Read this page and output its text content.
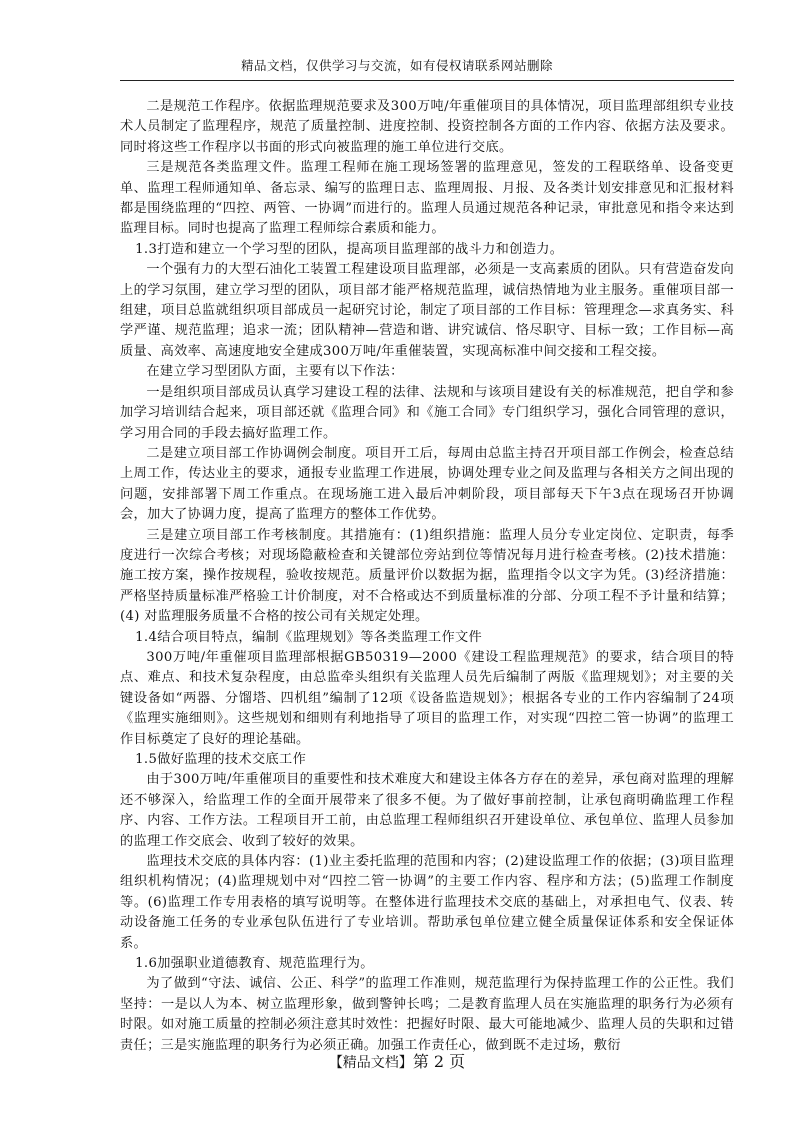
精品文档，仅供学习与交流，如有侵权请联系网站删除

二是规范工作程序。依据监理规范要求及300万吨/年重催项目的具体情况，项目监理部组织专业技术人员制定了监理程序，规范了质量控制、进度控制、投资控制各方面的工作内容、依据方法及要求。同时将这些工作程序以书面的形式向被监理的施工单位进行交底。

三是规范各类监理文件。监理工程师在施工现场签署的监理意见，签发的工程联络单、设备变更单、监理工程师通知单、备忘录、编写的监理日志、监理周报、月报、及各类计划安排意见和汇报材料都是围绕监理的“四控、两管、一协调”而进行的。监理人员通过规范各种记录，审批意见和指令来达到监理目标。同时也提高了监理工程师综合素质和能力。

1.3打造和建立一个学习型的团队，提高项目监理部的战斗力和创造力。

一个强有力的大型石油化工装置工程建设项目监理部，必须是一支高素质的团队。只有营造奋发向上的学习氛围，建立学习型的团队，项目部才能严格规范监理，诚信热情地为业主服务。重催项目部一组建，项目总监就组织项目部成员一起研究讨论，制定了项目部的工作目标：管理理念—求真务实、科学严谨、规范监理；追求一流；团队精神—营造和谐、讲究诚信、恪尽职守、目标一致；工作目标—高质量、高效率、高速度地安全建成300万吨/年重催装置，实现高标准中间交接和工程交接。

在建立学习型团队方面，主要有以下作法：

一是组织项目部成员认真学习建设工程的法律、法规和与该项目建设有关的标准规范，把自学和参加学习培训结合起来，项目部还就《监理合同》和《施工合同》专门组织学习，强化合同管理的意识，学习用合同的手段去搞好监理工作。

二是建立项目部工作协调例会制度。项目开工后，每周由总监主持召开项目部工作例会，检查总结上周工作，传达业主的要求，通报专业监理工作进展，协调处理专业之间及监理与各相关方之间出现的问题，安排部署下周工作重点。在现场施工进入最后冲刺阶段，项目部每天下午3点在现场召开协调会，加大了协调力度，提高了监理方的整体工作优势。

三是建立项目部工作考核制度。其措施有：(1)组织措施：监理人员分专业定岗位、定职责，每季度进行一次综合考核；对现场隐蔽检查和关键部位旁站到位等情况每月进行检查考核。(2)技术措施：施工按方案，操作按规程，验收按规范。质量评价以数据为据，监理指令以文字为凭。(3)经济措施：严格坚持质量标准严格验工计价制度，对不合格或达不到质量标准的分部、分项工程不予计量和结算；(4) 对监理服务质量不合格的按公司有关规定处理。

1.4结合项目特点，编制《监理规划》等各类监理工作文件

300万吨/年重催项目监理部根据GB50319—2000《建设工程监理规范》的要求，结合项目的特点、难点、和技术复杂程度，由总监牵头组织有关监理人员先后编制了两版《监理规划》；对主要的关键设备如“两器、分馏塔、四机组”编制了12项《设备监造规划》；根据各专业的工作内容编制了24项《监理实施细则》。这些规划和细则有利地指导了项目的监理工作，对实现“四控二管一协调”的监理工作目标奠定了良好的理论基础。

1.5做好监理的技术交底工作

由于300万吨/年重催项目的重要性和技术难度大和建设主体各方存在的差异，承包商对监理的理解还不够深入，给监理工作的全面开展带来了很多不便。为了做好事前控制，让承包商明确监理工作程序、内容、工作方法。工程项目开工前，由总监理工程师组织召开建设单位、承包单位、监理人员参加的监理工作交底会、收到了较好的效果。

监理技术交底的具体内容：(1)业主委托监理的范围和内容；(2)建设监理工作的依据；(3)项目监理组织机构情况；(4)监理规划中对“四控二管一协调”的主要工作内容、程序和方法；(5)监理工作制度等。(6)监理工作专用表格的填写说明等。在整体进行监理技术交底的基础上，对承担电气、仪表、转动设备施工任务的专业承包队伍进行了专业培训。帮助承包单位建立健全质量保证体系和安全保证体系。

1.6加强职业道德教育、规范监理行为。

为了做到“守法、诚信、公正、科学”的监理工作准则，规范监理行为保持监理工作的公正性。我们坚持：一是以人为本、树立监理形象，做到警钟长鸣；二是教育监理人员在实施监理的职务行为必须有时限。如对施工质量的控制必须注意其时效性：把握好时限、最大可能地减少、监理人员的失职和过错责任；三是实施监理的职务行为必须正确。加强工作责任心，做到既不走过场，敷衍

【精品文档】第 2 页
